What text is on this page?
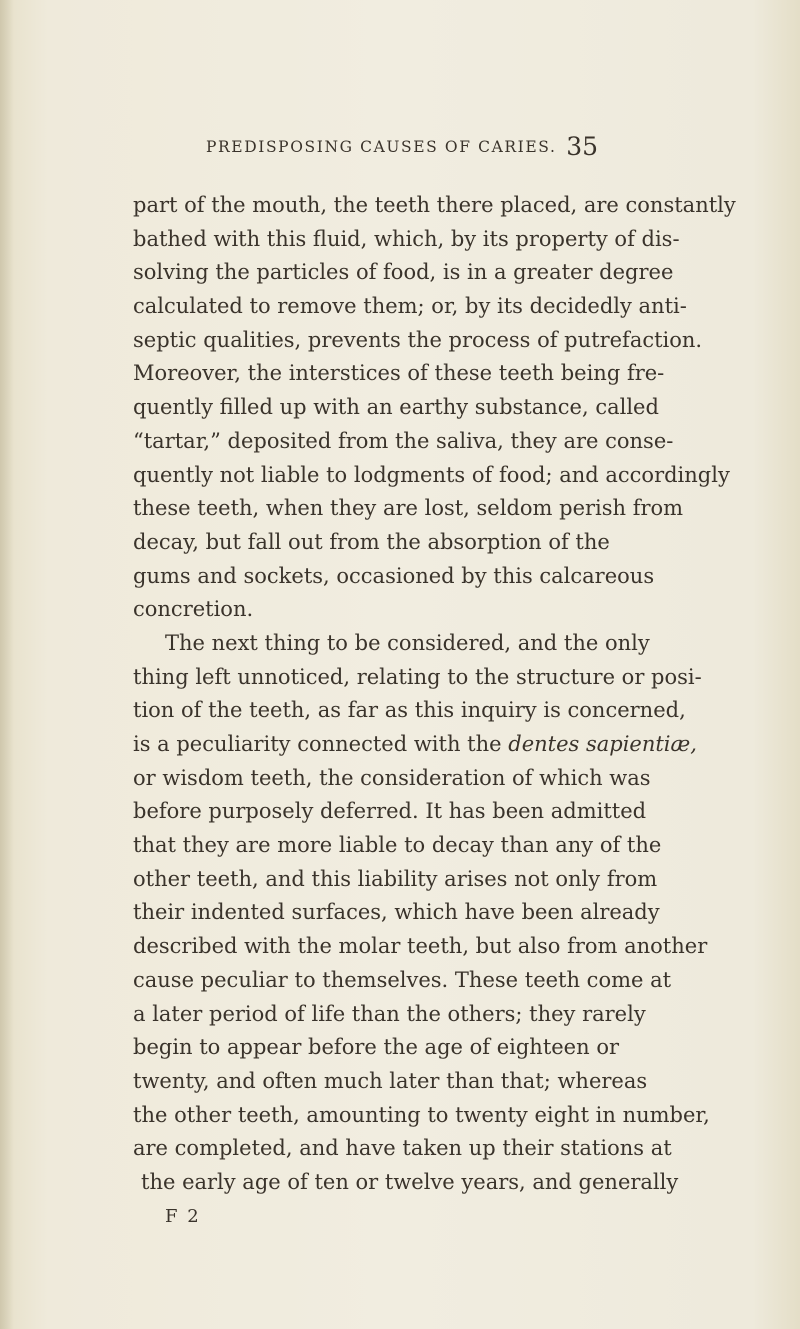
PREDISPOSING CAUSES OF CARIES. 35
part of the mouth, the teeth there placed, are constantly
bathed with this fluid, which, by its property of dis-
solving the particles of food, is in a greater degree
calculated to remove them; or, by its decidedly anti-
septic qualities, prevents the process of putrefaction.
Moreover, the interstices of these teeth being fre-
quently filled up with an earthy substance, called
“tartar,” deposited from the saliva, they are conse-
quently not liable to lodgments of food; and accordingly
these teeth, when they are lost, seldom perish from
decay, but fall out from the absorption of the
gums and sockets, occasioned by this calcareous
concretion.
The next thing to be considered, and the only
thing left unnoticed, relating to the structure or posi-
tion of the teeth, as far as this inquiry is concerned,
is a peculiarity connected with the dentes sapientiæ,
or wisdom teeth, the consideration of which was
before purposely deferred. It has been admitted
that they are more liable to decay than any of the
other teeth, and this liability arises not only from
their indented surfaces, which have been already
described with the molar teeth, but also from another
cause peculiar to themselves. These teeth come at
a later period of life than the others; they rarely
begin to appear before the age of eighteen or
twenty, and often much later than that; whereas
the other teeth, amounting to twenty eight in number,
are completed, and have taken up their stations at
the early age of ten or twelve years, and generally
F 2
